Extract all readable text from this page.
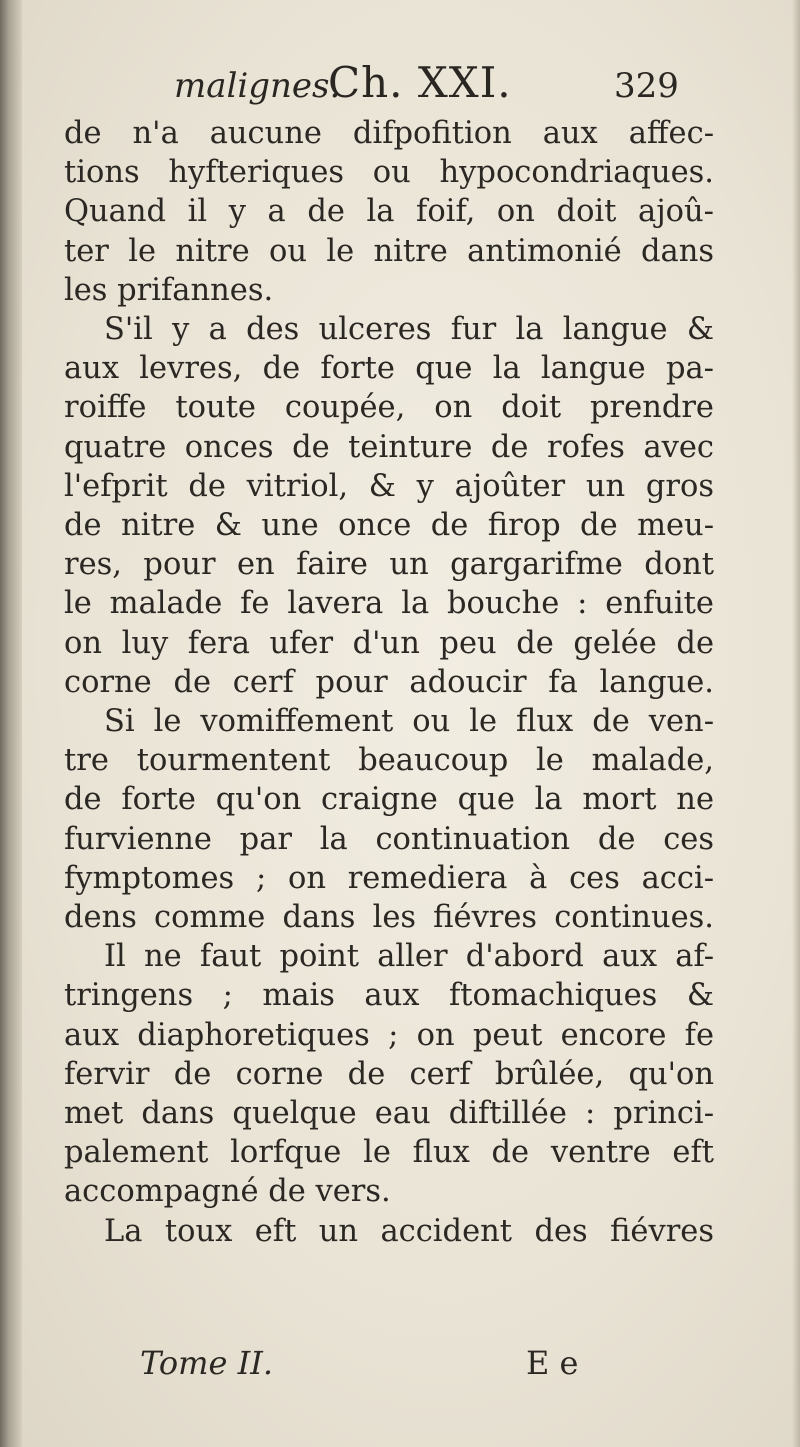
malignes.
Ch. XXI.	329
de n'a aucune difpofition aux affec-
tions hyfteriques ou hypocondriaques.
Quand il y a de la foif, on doit ajoû-
ter le nitre ou le nitre antimonié dans
les prifannes.
S'il y a des ulceres fur la langue &
aux levres, de forte que la langue pa-
roiffe toute coupée, on doit prendre
quatre onces de teinture de rofes avec
l'efprit de vitriol, & y ajoûter un gros
de nitre & une once de firop de meu-
res, pour en faire un gargarifme dont
le malade fe lavera la bouche : enfuite
on luy fera ufer d'un peu de gelée de
corne de cerf pour adoucir fa langue.
Si le vomiffement ou le flux de ven-
tre tourmentent beaucoup le malade,
de forte qu'on craigne que la mort ne
furvienne par la continuation de ces
fymptomes ; on remediera à ces acci-
dens comme dans les fiévres continues.
Il ne faut point aller d'abord aux af-
tringens ; mais aux ftomachiques &
aux diaphoretiques ; on peut encore fe
fervir de corne de cerf brûlée, qu'on
met dans quelque eau diftillée : princi-
palement lorfque le flux de ventre eft
accompagné de vers.
La toux eft un accident des fiévres
Tome II.	E e
